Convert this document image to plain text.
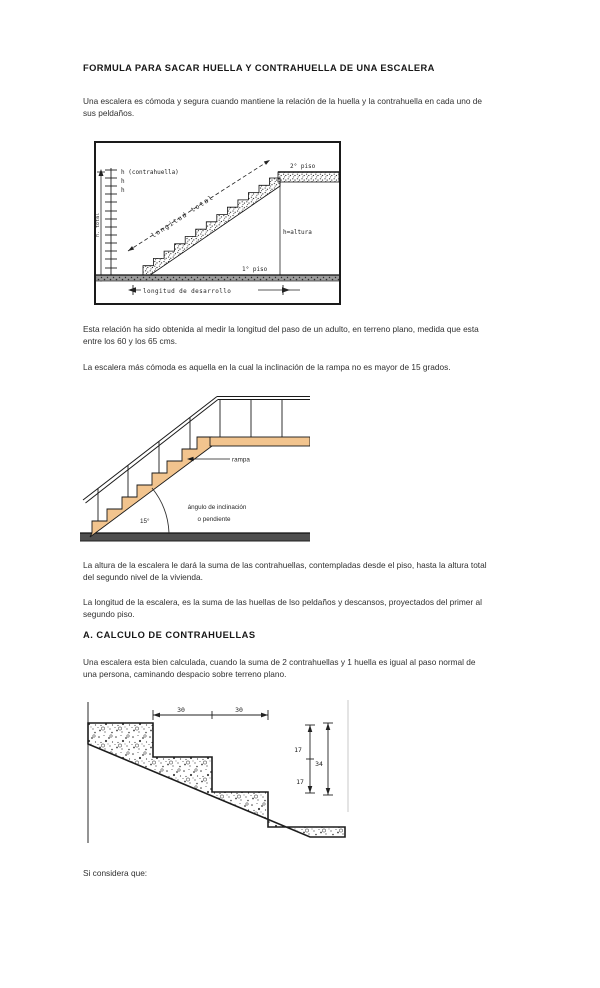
FORMULA PARA SACAR HUELLA Y CONTRAHUELLA DE UNA ESCALERA
Una escalera es cómoda y segura cuando mantiene la relación de la huella y la contrahuella en cada uno de
sus peldaños.
h. total
h (contrahuella)
h
h
longitud total
2° piso
h=altura
1° piso
longitud de desarrollo
Esta relación ha sido obtenida al medir la longitud del paso de un adulto, en terreno plano, medida que esta
entre los 60 y los 65 cms.
La escalera más cómoda es aquella en la cual la inclinación de la rampa no es mayor de 15 grados.
rampa
15°
ángulo de inclinación
o pendiente
La altura de la escalera le dará la suma de las contrahuellas, contempladas desde el piso, hasta la altura total
del segundo nivel de la vivienda.
La longitud de la escalera, es la suma de las huellas de lso peldaños y descansos, proyectados del primer al
segundo piso.
A. CALCULO DE CONTRAHUELLAS
Una escalera esta bien calculada, cuando la suma de 2 contrahuellas y 1 huella es igual al paso normal de
una persona, caminando despacio sobre terreno plano.
30	30
17
17
34
Si considera que:
